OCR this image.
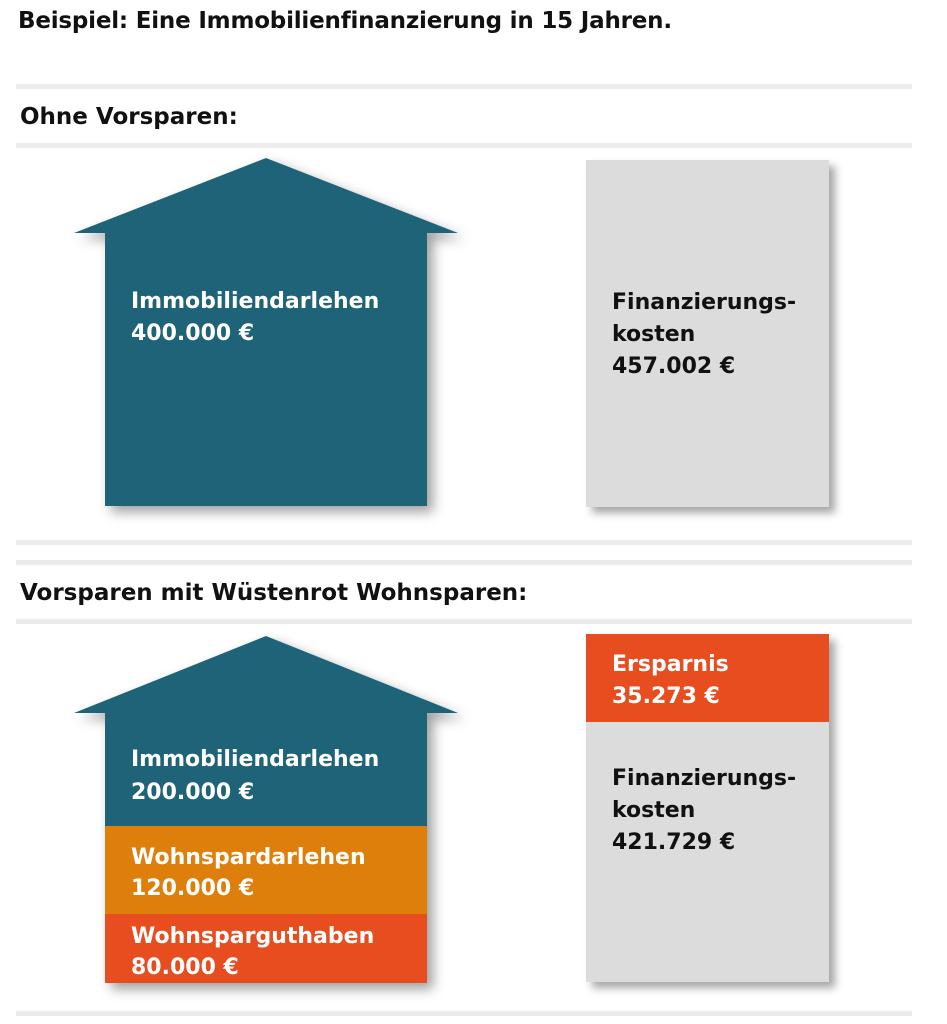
Beispiel: Eine Immobilienfinanzierung in 15 Jahren.
Ohne Vorsparen:
Immobiliendarlehen
400.000 €
Finanzierungs-
kosten
457.002 €
Vorsparen mit Wüstenrot Wohnsparen:
Immobiliendarlehen
200.000 €
Wohnspardarlehen
120.000 €
Wohnsparguthaben
80.000 €
Ersparnis
35.273 €
Finanzierungs-
kosten
421.729 €
